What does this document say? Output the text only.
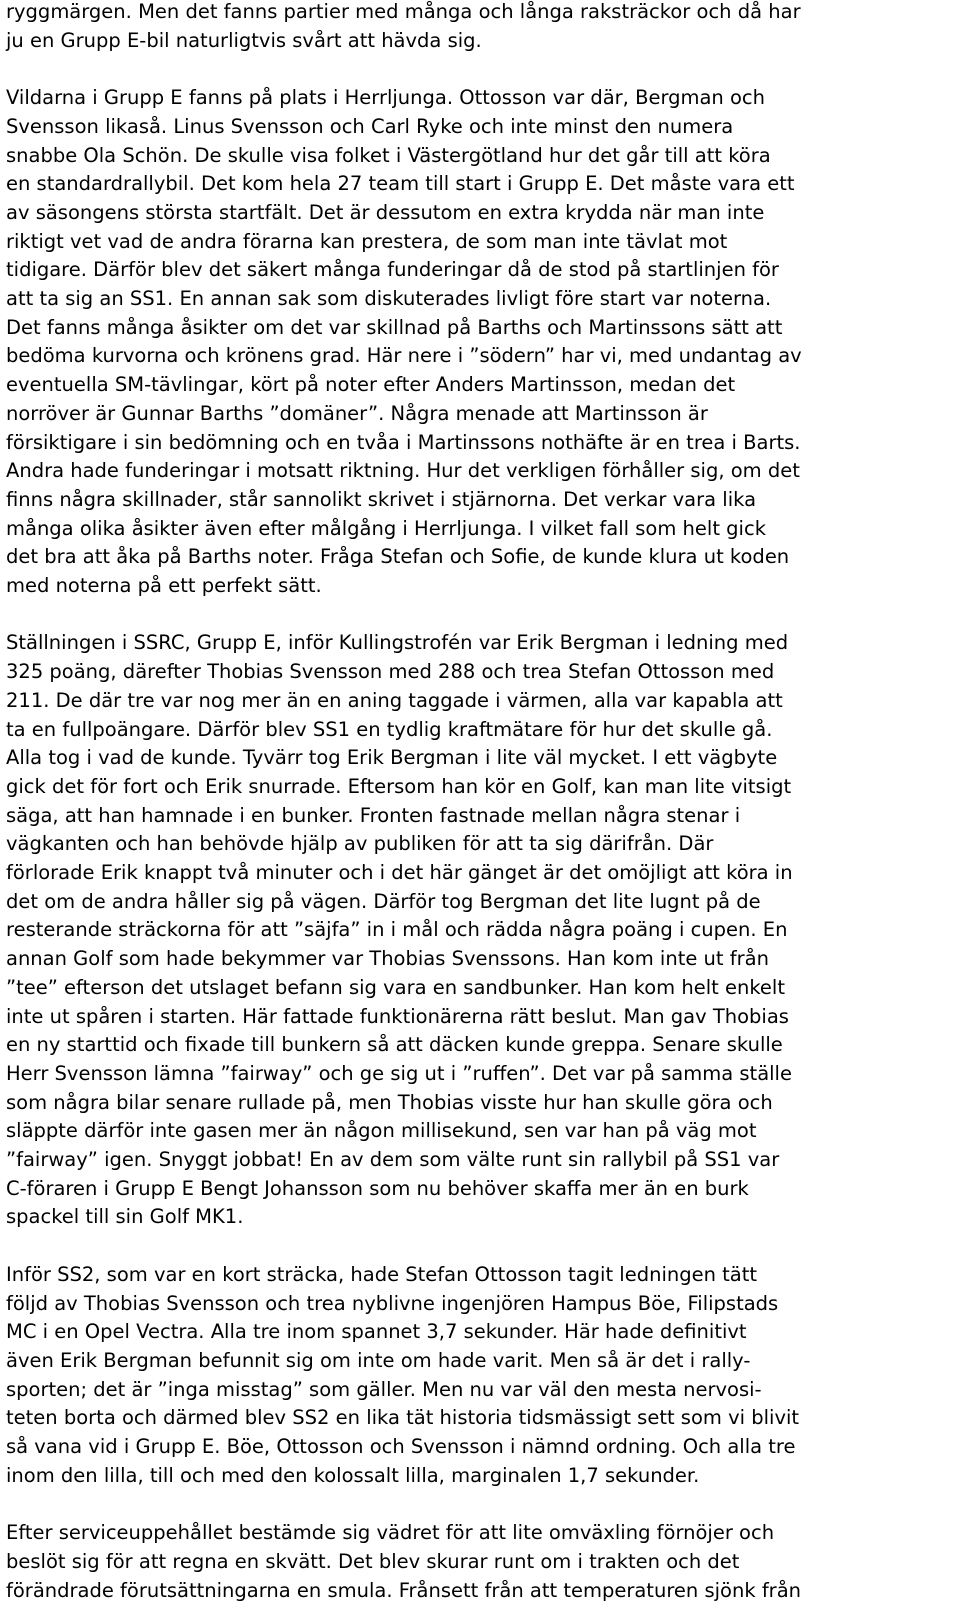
ryggmärgen. Men det fanns partier med många och långa raksträckor och då har
ju en Grupp E-bil naturligtvis svårt att hävda sig.
Vildarna i Grupp E fanns på plats i Herrljunga. Ottosson var där, Bergman och
Svensson likaså. Linus Svensson och Carl Ryke och inte minst den numera
snabbe Ola Schön. De skulle visa folket i Västergötland hur det går till att köra
en standardrallybil. Det kom hela 27 team till start i Grupp E. Det måste vara ett
av säsongens största startfält. Det är dessutom en extra krydda när man inte
riktigt vet vad de andra förarna kan prestera, de som man inte tävlat mot
tidigare. Därför blev det säkert många funderingar då de stod på startlinjen för
att ta sig an SS1. En annan sak som diskuterades livligt före start var noterna.
Det fanns många åsikter om det var skillnad på Barths och Martinssons sätt att
bedöma kurvorna och krönens grad. Här nere i ”södern” har vi, med undantag av
eventuella SM-tävlingar, kört på noter efter Anders Martinsson, medan det
norröver är Gunnar Barths ”domäner”. Några menade att Martinsson är
försiktigare i sin bedömning och en tvåa i Martinssons nothäfte är en trea i Barts.
Andra hade funderingar i motsatt riktning. Hur det verkligen förhåller sig, om det
finns några skillnader, står sannolikt skrivet i stjärnorna. Det verkar vara lika
många olika åsikter även efter målgång i Herrljunga. I vilket fall som helt gick
det bra att åka på Barths noter. Fråga Stefan och Sofie, de kunde klura ut koden
med noterna på ett perfekt sätt.
Ställningen i SSRC, Grupp E, inför Kullingstrofén var Erik Bergman i ledning med
325 poäng, därefter Thobias Svensson med 288 och trea Stefan Ottosson med
211. De där tre var nog mer än en aning taggade i värmen, alla var kapabla att
ta en fullpoängare. Därför blev SS1 en tydlig kraftmätare för hur det skulle gå.
Alla tog i vad de kunde. Tyvärr tog Erik Bergman i lite väl mycket. I ett vägbyte
gick det för fort och Erik snurrade. Eftersom han kör en Golf, kan man lite vitsigt
säga, att han hamnade i en bunker. Fronten fastnade mellan några stenar i
vägkanten och han behövde hjälp av publiken för att ta sig därifrån. Där
förlorade Erik knappt två minuter och i det här gänget är det omöjligt att köra in
det om de andra håller sig på vägen. Därför tog Bergman det lite lugnt på de
resterande sträckorna för att ”säjfa” in i mål och rädda några poäng i cupen. En
annan Golf som hade bekymmer var Thobias Svenssons. Han kom inte ut från
”tee” efterson det utslaget befann sig vara en sandbunker. Han kom helt enkelt
inte ut spåren i starten. Här fattade funktionärerna rätt beslut. Man gav Thobias
en ny starttid och fixade till bunkern så att däcken kunde greppa. Senare skulle
Herr Svensson lämna ”fairway” och ge sig ut i ”ruffen”. Det var på samma ställe
som några bilar senare rullade på, men Thobias visste hur han skulle göra och
släppte därför inte gasen mer än någon millisekund, sen var han på väg mot
”fairway” igen. Snyggt jobbat! En av dem som välte runt sin rallybil på SS1 var
C-föraren i Grupp E Bengt Johansson som nu behöver skaffa mer än en burk
spackel till sin Golf MK1.
Inför SS2, som var en kort sträcka, hade Stefan Ottosson tagit ledningen tätt
följd av Thobias Svensson och trea nyblivne ingenjören Hampus Böe, Filipstads
MC i en Opel Vectra. Alla tre inom spannet 3,7 sekunder. Här hade definitivt
även Erik Bergman befunnit sig om inte om hade varit. Men så är det i rally-
sporten; det är ”inga misstag” som gäller. Men nu var väl den mesta nervosi-
teten borta och därmed blev SS2 en lika tät historia tidsmässigt sett som vi blivit
så vana vid i Grupp E. Böe, Ottosson och Svensson i nämnd ordning. Och alla tre
inom den lilla, till och med den kolossalt lilla, marginalen 1,7 sekunder.
Efter serviceuppehållet bestämde sig vädret för att lite omväxling förnöjer och
beslöt sig för att regna en skvätt. Det blev skurar runt om i trakten och det
förändrade förutsättningarna en smula. Frånsett från att temperaturen sjönk från
